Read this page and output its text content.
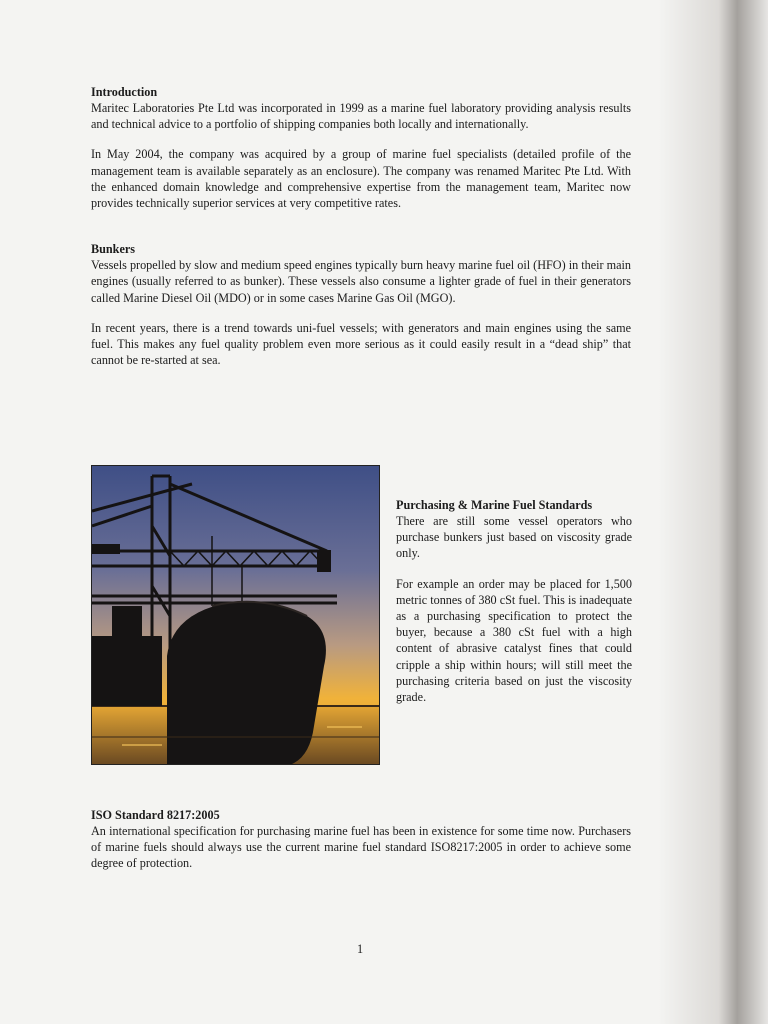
Introduction

Maritec Laboratories Pte Ltd was incorporated in 1999 as a marine fuel laboratory providing analysis results and technical advice to a portfolio of shipping companies both locally and internationally.

In May 2004, the company was acquired by a group of marine fuel specialists (detailed profile of the management team is available separately as an enclosure). The company was renamed Maritec Pte Ltd. With the enhanced domain knowledge and comprehensive expertise from the management team, Maritec now provides technically superior services at very competitive rates.

Bunkers

Vessels propelled by slow and medium speed engines typically burn heavy marine fuel oil (HFO) in their main engines (usually referred to as bunker). These vessels also consume a lighter grade of fuel in their generators called Marine Diesel Oil (MDO) or in some cases Marine Gas Oil (MGO).

In recent years, there is a trend towards uni-fuel vessels; with generators and main engines using the same fuel. This makes any fuel quality problem even more serious as it could easily result in a “dead ship” that cannot be re-started at sea.

Purchasing & Marine Fuel Standards

There are still some vessel operators who purchase bunkers just based on viscosity grade only.

For example an order may be placed for 1,500 metric tonnes of 380 cSt fuel. This is inadequate as a purchasing specification to protect the buyer, because a 380 cSt fuel with a high content of abrasive catalyst fines that could cripple a ship within hours; will still meet the purchasing criteria based on just the viscosity grade.

ISO Standard 8217:2005

An international specification for purchasing marine fuel has been in existence for some time now. Purchasers of marine fuels should always use the current marine fuel standard ISO8217:2005 in order to achieve some degree of protection.

1
